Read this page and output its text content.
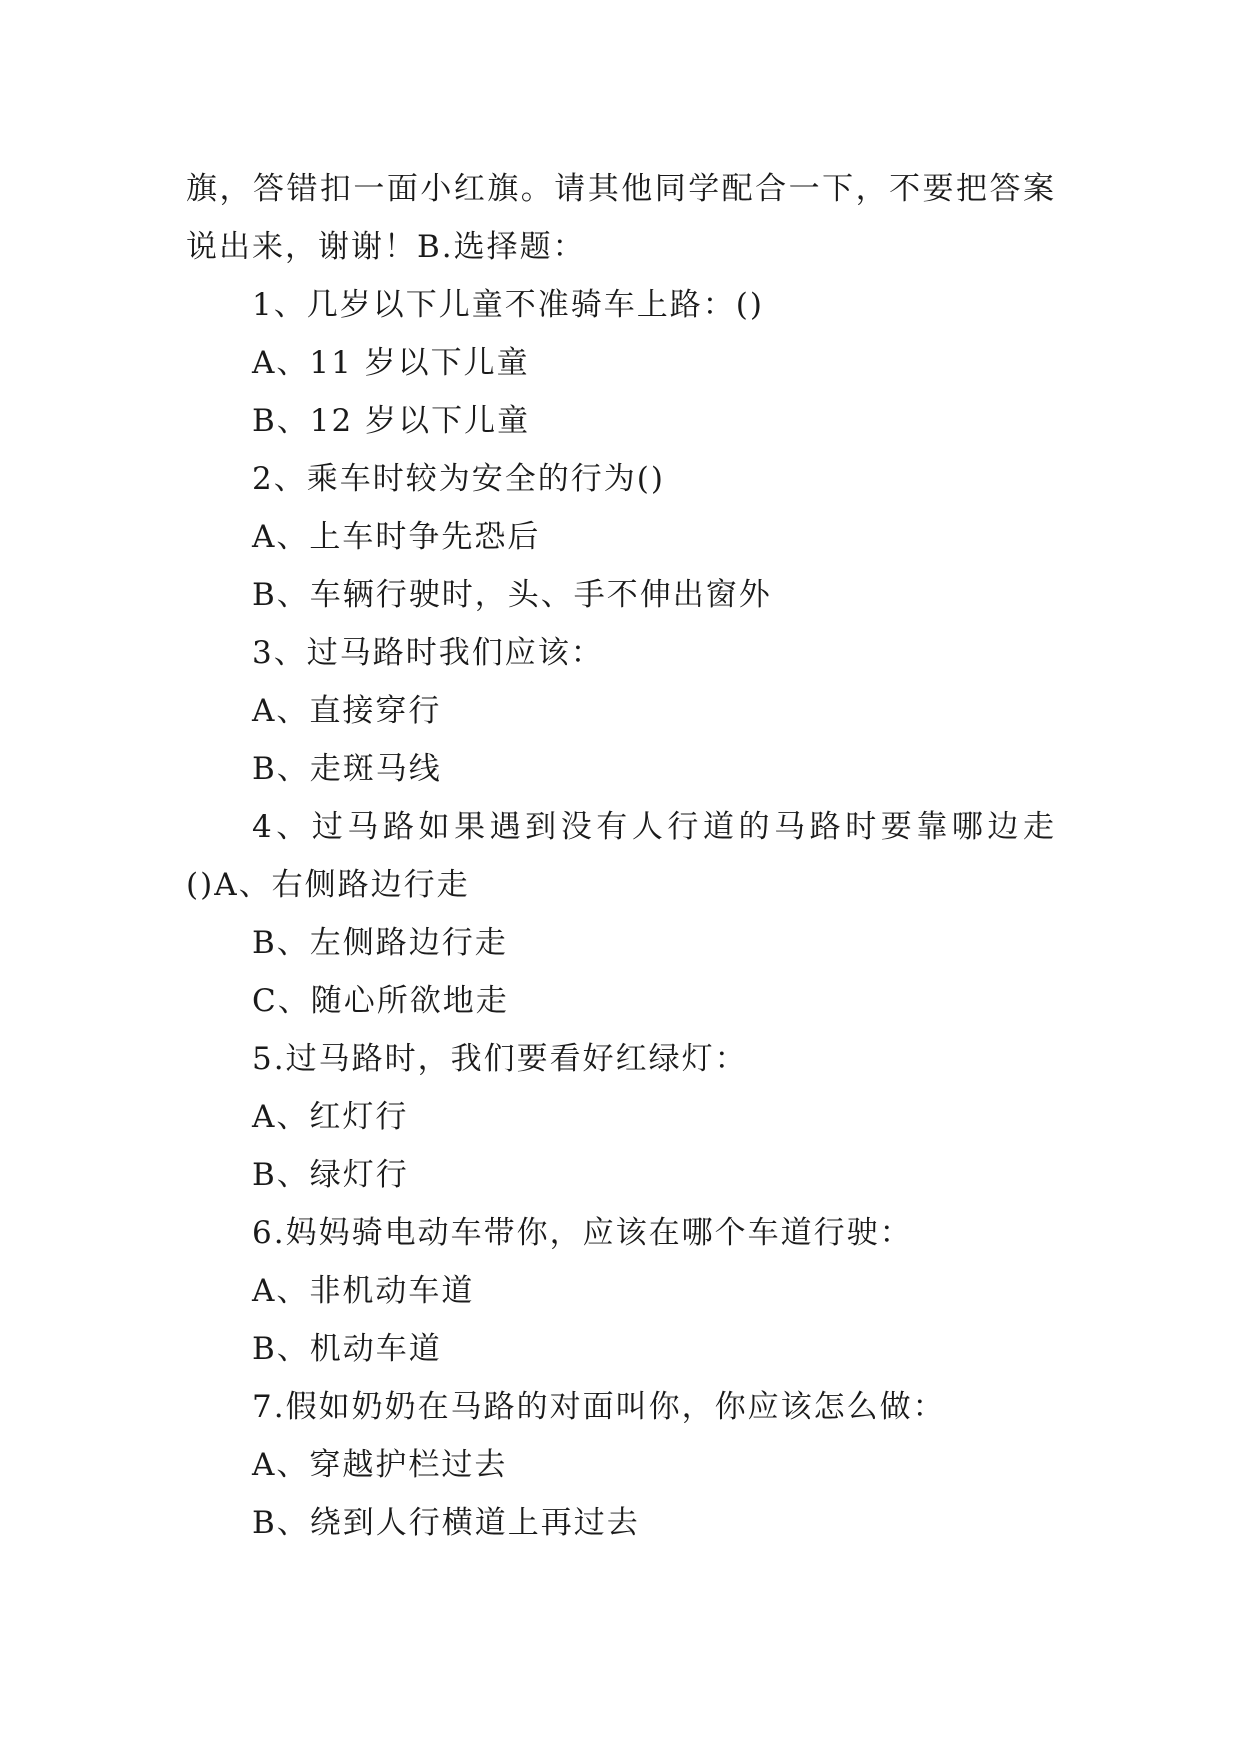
旗，答错扣一面小红旗。请其他同学配合一下，不要把答案
说出来，谢谢！B.选择题：
1、几岁以下儿童不准骑车上路：()
A、11 岁以下儿童
B、12 岁以下儿童
2、乘车时较为安全的行为()
A、上车时争先恐后
B、车辆行驶时，头、手不伸出窗外
3、过马路时我们应该：
A、直接穿行
B、走斑马线
4、过马路如果遇到没有人行道的马路时要靠哪边走
()A、右侧路边行走
B、左侧路边行走
C、随心所欲地走
5.过马路时，我们要看好红绿灯：
A、红灯行
B、绿灯行
6.妈妈骑电动车带你，应该在哪个车道行驶：
A、非机动车道
B、机动车道
7.假如奶奶在马路的对面叫你，你应该怎么做：
A、穿越护栏过去
B、绕到人行横道上再过去
